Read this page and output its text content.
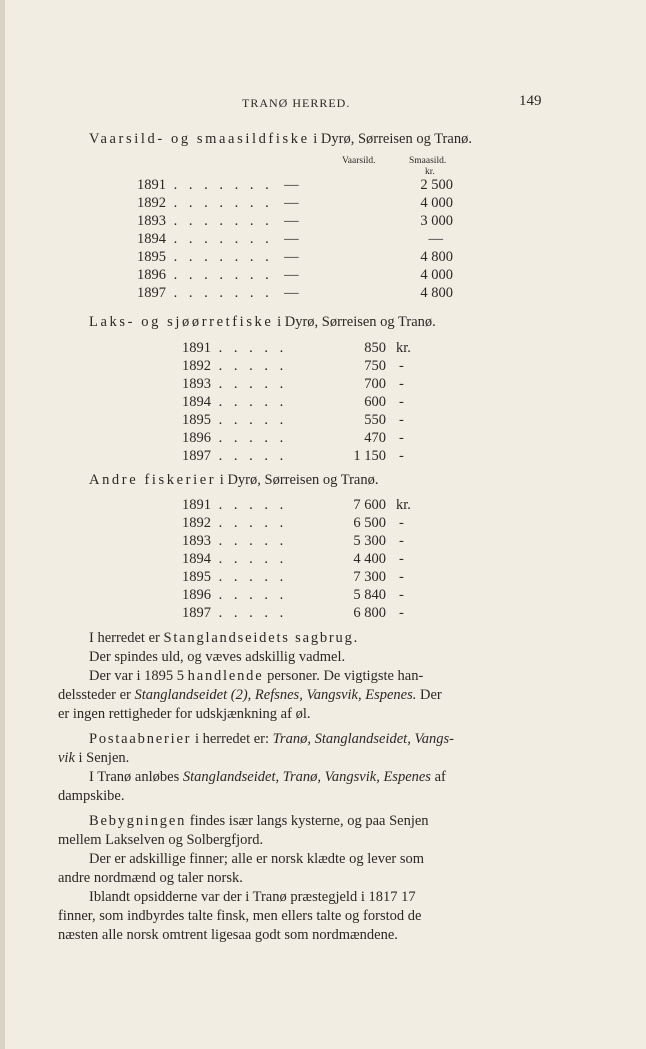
TRANØ HERRED.	149
Vaarsild- og smaasildfiske i Dyrø, Sørreisen og Tranø.
Vaarsild.	Smaasild.
kr.
1891 . . . . . . . —	2 500
1892 . . . . . . . —	4 000
1893 . . . . . . . —	3 000
1894 . . . . . . . —	—
1895 . . . . . . . —	4 800
1896 . . . . . . . —	4 000
1897 . . . . . . . —	4 800
Laks- og sjøørretfiske i Dyrø, Sørreisen og Tranø.
1891 . . . . .	850 kr.
1892 . . . . .	750 -
1893 . . . . .	700 -
1894 . . . . .	600 -
1895 . . . . .	550 -
1896 . . . . .	470 -
1897 . . . . .	1 150 -
Andre fiskerier i Dyrø, Sørreisen og Tranø.
1891 . . . . .	7 600 kr.
1892 . . . . .	6 500 -
1893 . . . . .	5 300 -
1894 . . . . .	4 400 -
1895 . . . . .	7 300 -
1896 . . . . .	5 840 -
1897 . . . . .	6 800 -
I herredet er Stanglandseidets sagbrug.
Der spindes uld, og væves adskillig vadmel.
Der var i 1895 5 handlende personer. De vigtigste han-
delssteder er Stanglandseidet (2), Refsnes, Vangsvik, Espenes. Der
er ingen rettigheder for udskjænkning af øl.
Postaabnerier i herredet er: Tranø, Stanglandseidet, Vangs-
vik i Senjen.
I Tranø anløbes Stanglandseidet, Tranø, Vangsvik, Espenes af
dampskibe.
Bebygningen findes især langs kysterne, og paa Senjen
mellem Lakselven og Solbergfjord.
Der er adskillige finner; alle er norsk klædte og lever som
andre nordmænd og taler norsk.
Iblandt opsidderne var der i Tranø præstegjeld i 1817 17
finner, som indbyrdes talte finsk, men ellers talte og forstod de
næsten alle norsk omtrent ligesaa godt som nordmændene.
